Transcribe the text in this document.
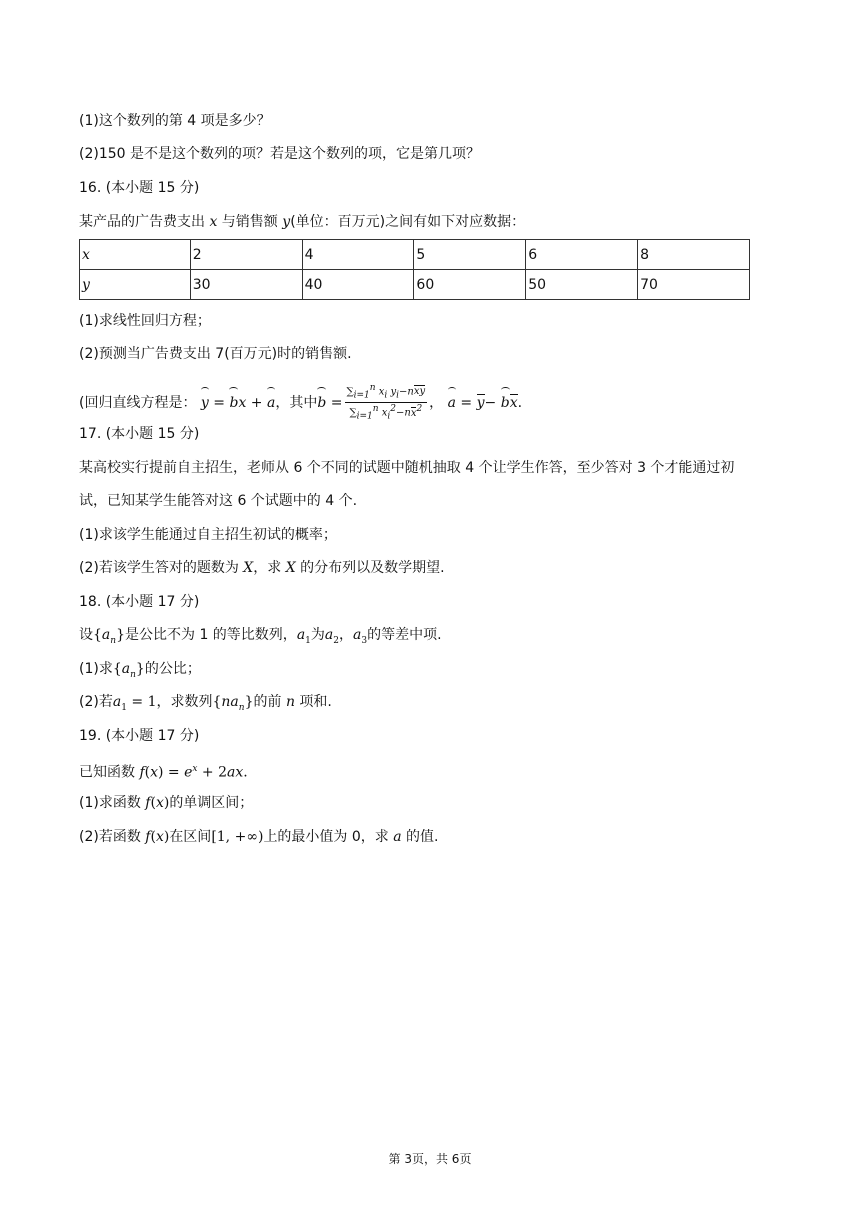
(1)这个数列的第 4 项是多少？
(2)150 是不是这个数列的项？若是这个数列的项，它是第几项？
16. (本小题 15 分)
某产品的广告费支出 x 与销售额 y(单位：百万元)之间有如下对应数据：
x	2	4	5	6	8
y	30	40	60	50	70
(1)求线性回归方程；
(2)预测当广告费支出 7(百万元)时的销售额.
(回归直线方程是： y = bx + a，其中$b = \frac{\sum_{i=1}^n x_i y_i-nxy}{\sum_{i=1}^n x_i^2-nx^2}$ ， a = y− bx.
17. (本小题 15 分)
某高校实行提前自主招生，老师从 6 个不同的试题中随机抽取 4 个让学生作答，至少答对 3 个才能通过初
试，已知某学生能答对这 6 个试题中的 4 个.
(1)求该学生能通过自主招生初试的概率；
(2)若该学生答对的题数为 X，求 X 的分布列以及数学期望.
18. (本小题 17 分)
设$\{a_n\}$是公比不为 1 的等比数列，$a_1$为$a_2$，$a_3$的等差中项.
(1)求$\{a_n\}$的公比；
(2)若$a_1 = 1$，求数列$\{na_n\}$的前 n 项和.
19. (本小题 17 分)
已知函数 $f(x) = e^x + 2ax$.
(1)求函数 f(x)的单调区间；
(2)若函数 f(x)在区间[1, +∞)上的最小值为 0，求 a 的值.
第 3页，共 6页
